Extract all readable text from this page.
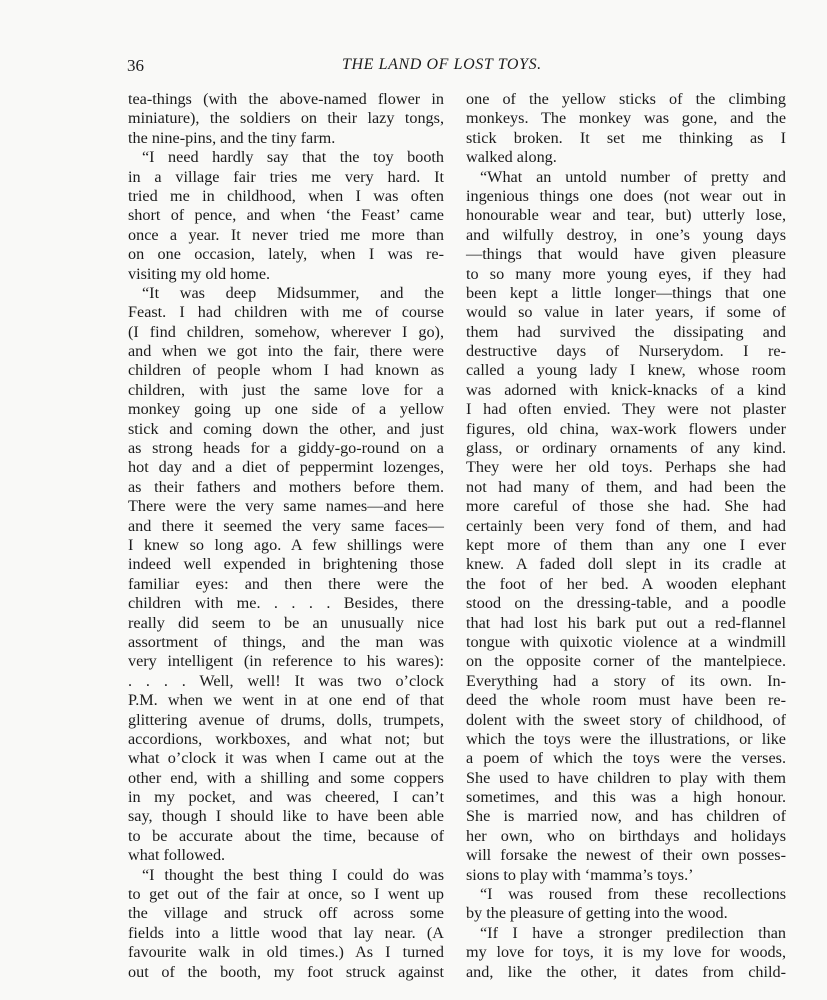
36	THE LAND OF LOST TOYS.
tea-things (with the above-named flower in
miniature), the soldiers on their lazy tongs,
the nine-pins, and the tiny farm.
“I need hardly say that the toy booth
in a village fair tries me very hard. It
tried me in childhood, when I was often
short of pence, and when ‘the Feast’ came
once a year. It never tried me more than
on one occasion, lately, when I was re-
visiting my old home.
“It was deep Midsummer, and the
Feast. I had children with me of course
(I find children, somehow, wherever I go),
and when we got into the fair, there were
children of people whom I had known as
children, with just the same love for a
monkey going up one side of a yellow
stick and coming down the other, and just
as strong heads for a giddy-go-round on a
hot day and a diet of peppermint lozenges,
as their fathers and mothers before them.
There were the very same names—and here
and there it seemed the very same faces—
I knew so long ago. A few shillings were
indeed well expended in brightening those
familiar eyes: and then there were the
children with me. . . . . Besides, there
really did seem to be an unusually nice
assortment of things, and the man was
very intelligent (in reference to his wares):
. . . . Well, well! It was two o’clock
P.M. when we went in at one end of that
glittering avenue of drums, dolls, trumpets,
accordions, workboxes, and what not; but
what o’clock it was when I came out at the
other end, with a shilling and some coppers
in my pocket, and was cheered, I can’t
say, though I should like to have been able
to be accurate about the time, because of
what followed.
“I thought the best thing I could do was
to get out of the fair at once, so I went up
the village and struck off across some
fields into a little wood that lay near. (A
favourite walk in old times.) As I turned
out of the booth, my foot struck against
one of the yellow sticks of the climbing
monkeys. The monkey was gone, and the
stick broken. It set me thinking as I
walked along.
“What an untold number of pretty and
ingenious things one does (not wear out in
honourable wear and tear, but) utterly lose,
and wilfully destroy, in one’s young days
—things that would have given pleasure
to so many more young eyes, if they had
been kept a little longer—things that one
would so value in later years, if some of
them had survived the dissipating and
destructive days of Nurserydom. I re-
called a young lady I knew, whose room
was adorned with knick-knacks of a kind
I had often envied. They were not plaster
figures, old china, wax-work flowers under
glass, or ordinary ornaments of any kind.
They were her old toys. Perhaps she had
not had many of them, and had been the
more careful of those she had. She had
certainly been very fond of them, and had
kept more of them than any one I ever
knew. A faded doll slept in its cradle at
the foot of her bed. A wooden elephant
stood on the dressing-table, and a poodle
that had lost his bark put out a red-flannel
tongue with quixotic violence at a windmill
on the opposite corner of the mantelpiece.
Everything had a story of its own. In-
deed the whole room must have been re-
dolent with the sweet story of childhood, of
which the toys were the illustrations, or like
a poem of which the toys were the verses.
She used to have children to play with them
sometimes, and this was a high honour.
She is married now, and has children of
her own, who on birthdays and holidays
will forsake the newest of their own posses-
sions to play with ‘mamma’s toys.’
“I was roused from these recollections
by the pleasure of getting into the wood.
“If I have a stronger predilection than
my love for toys, it is my love for woods,
and, like the other, it dates from child-
